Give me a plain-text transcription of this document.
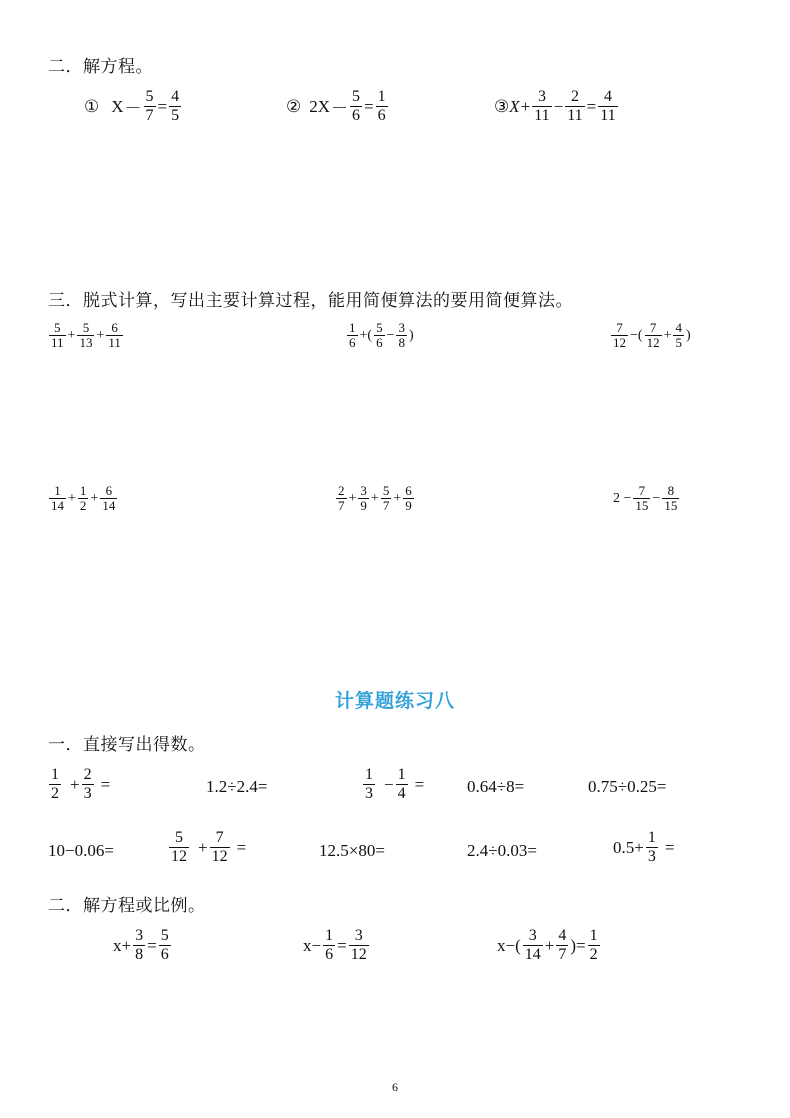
二．解方程。
① $X - \frac{5}{7} = \frac{4}{5}$	② $2X - \frac{5}{6} = \frac{1}{6}$	③ $X + \frac{3}{11} - \frac{2}{11} = \frac{4}{11}$
三．脱式计算，写出主要计算过程，能用简便算法的要用简便算法。
$\frac{5}{11} + \frac{5}{13} + \frac{6}{11}$	$\frac{1}{6}$ +( $\frac{5}{6} - \frac{3}{8}$ )	$\frac{7}{12}$ −( $\frac{7}{12} + \frac{4}{5}$ )
$\frac{1}{14} + \frac{1}{2} + \frac{6}{14}$	$\frac{2}{7} + \frac{3}{9} + \frac{5}{7} + \frac{6}{9}$	$2 - \frac{7}{15} - \frac{8}{15}$
计算题练习八
一．直接写出得数。
$\frac{1}{2} + \frac{2}{3}$ =	1.2÷2.4=	$\frac{1}{3} - \frac{1}{4}$ =	0.64÷8=	0.75÷0.25=
10−0.06=	$\frac{5}{12} + \frac{7}{12}$ =	12.5×80=	2.4÷0.03=	$0.5+ \frac{1}{3}$ =
二．解方程或比例。
$x+ \frac{3}{8} = \frac{5}{6}$	$x- \frac{1}{6} = \frac{3}{12}$	$x-( \frac{3}{14} + \frac{4}{7}$ )= $\frac{1}{2}$
6
